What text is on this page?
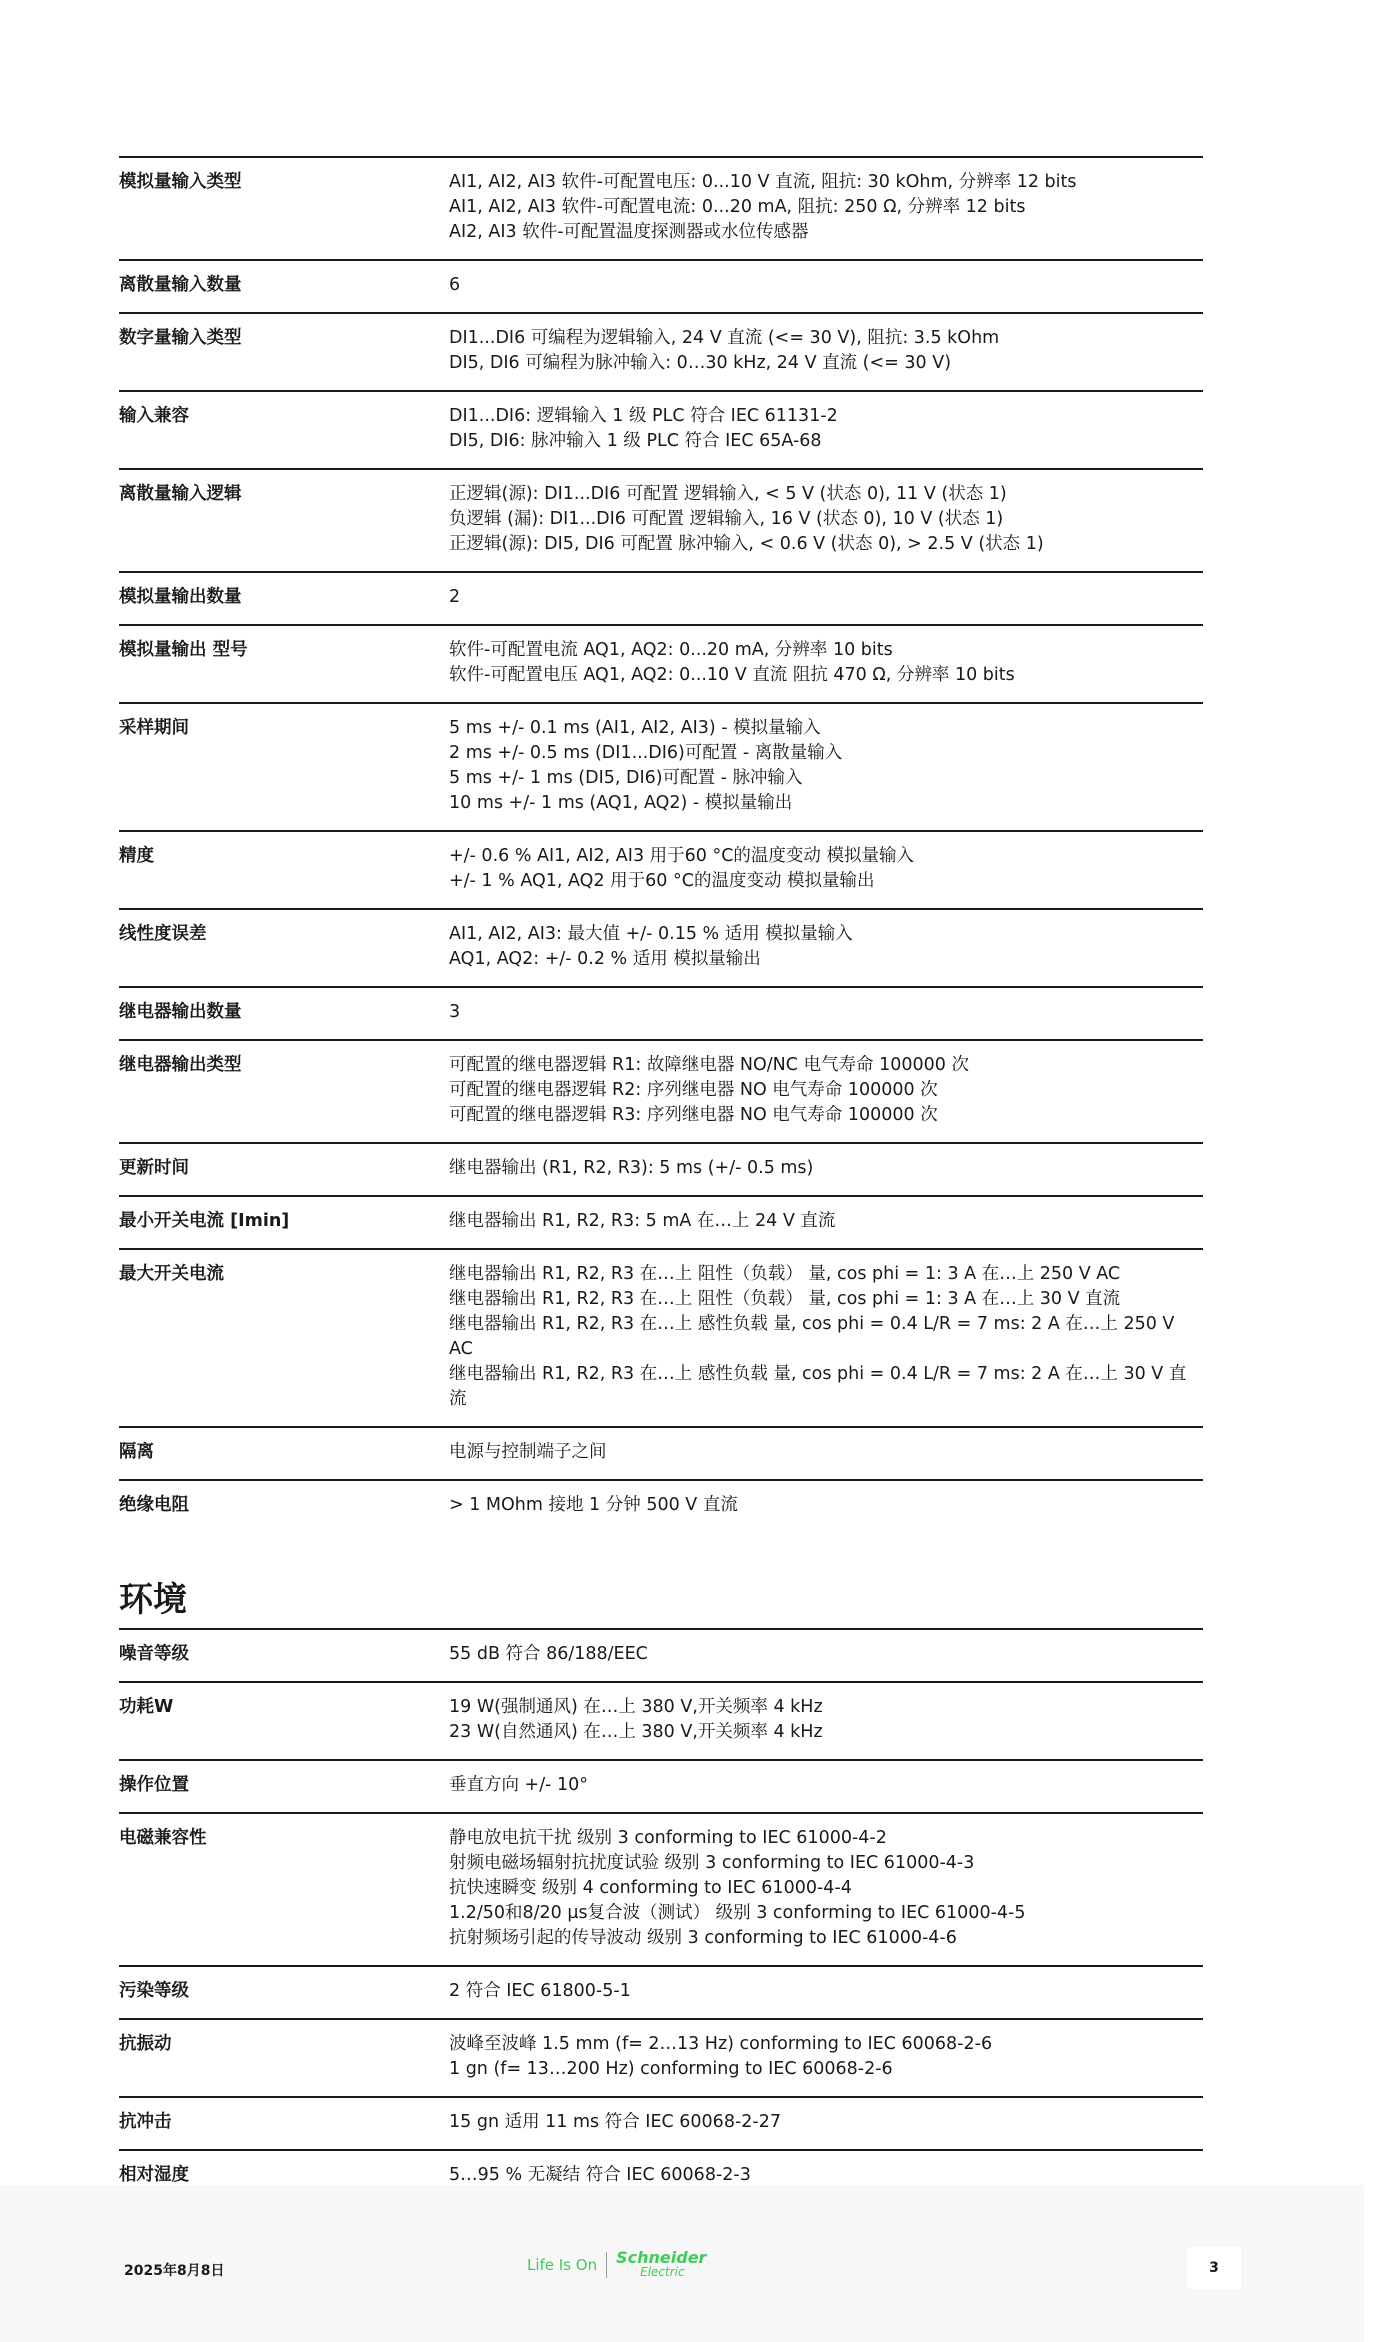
模拟量输入类型	AI1, AI2, AI3 软件-可配置电压: 0...10 V 直流, 阻抗: 30 kOhm, 分辨率 12 bits
AI1, AI2, AI3 软件-可配置电流: 0...20 mA, 阻抗: 250 Ω, 分辨率 12 bits
AI2, AI3 软件-可配置温度探测器或水位传感器
离散量输入数量	6
数字量输入类型	DI1...DI6 可编程为逻辑输入, 24 V 直流 (<= 30 V), 阻抗: 3.5 kOhm
DI5, DI6 可编程为脉冲输入: 0…30 kHz, 24 V 直流 (<= 30 V)
输入兼容	DI1...DI6: 逻辑输入 1 级 PLC 符合 IEC 61131-2
DI5, DI6: 脉冲输入 1 级 PLC 符合 IEC 65A-68
离散量输入逻辑	正逻辑(源): DI1...DI6 可配置 逻辑输入, < 5 V (状态 0), 11 V (状态 1)
负逻辑 (漏): DI1...DI6 可配置 逻辑输入, 16 V (状态 0), 10 V (状态 1)
正逻辑(源): DI5, DI6 可配置 脉冲输入, < 0.6 V (状态 0), > 2.5 V (状态 1)
模拟量输出数量	2
模拟量输出 型号	软件-可配置电流 AQ1, AQ2: 0...20 mA, 分辨率 10 bits
软件-可配置电压 AQ1, AQ2: 0...10 V 直流 阻抗 470 Ω, 分辨率 10 bits
采样期间	5 ms +/- 0.1 ms (AI1, AI2, AI3) - 模拟量输入
2 ms +/- 0.5 ms (DI1...DI6)可配置 - 离散量输入
5 ms +/- 1 ms (DI5, DI6)可配置 - 脉冲输入
10 ms +/- 1 ms (AQ1, AQ2) - 模拟量输出
精度	+/- 0.6 % AI1, AI2, AI3 用于60 °C的温度变动 模拟量输入
+/- 1 % AQ1, AQ2 用于60 °C的温度变动 模拟量输出
线性度误差	AI1, AI2, AI3: 最大值 +/- 0.15 % 适用 模拟量输入
AQ1, AQ2: +/- 0.2 % 适用 模拟量输出
继电器输出数量	3
继电器输出类型	可配置的继电器逻辑 R1: 故障继电器 NO/NC 电气寿命 100000 次
可配置的继电器逻辑 R2: 序列继电器 NO 电气寿命 100000 次
可配置的继电器逻辑 R3: 序列继电器 NO 电气寿命 100000 次
更新时间	继电器输出 (R1, R2, R3): 5 ms (+/- 0.5 ms)
最小开关电流 [Imin]	继电器输出 R1, R2, R3: 5 mA 在…上 24 V 直流
最大开关电流	继电器输出 R1, R2, R3 在…上 阻性（负载） 量, cos phi = 1: 3 A 在…上 250 V AC
继电器输出 R1, R2, R3 在…上 阻性（负载） 量, cos phi = 1: 3 A 在…上 30 V 直流
继电器输出 R1, R2, R3 在…上 感性负载 量, cos phi = 0.4 L/R = 7 ms: 2 A 在…上 250 V AC
继电器输出 R1, R2, R3 在…上 感性负载 量, cos phi = 0.4 L/R = 7 ms: 2 A 在…上 30 V 直流
隔离	电源与控制端子之间
绝缘电阻	> 1 MOhm 接地 1 分钟 500 V 直流
环境
噪音等级	55 dB 符合 86/188/EEC
功耗W	19 W(强制通风) 在…上 380 V,开关频率 4 kHz
23 W(自然通风) 在…上 380 V,开关频率 4 kHz
操作位置	垂直方向 +/- 10°
电磁兼容性	静电放电抗干扰 级别 3 conforming to IEC 61000-4-2
射频电磁场辐射抗扰度试验 级别 3 conforming to IEC 61000-4-3
抗快速瞬变 级别 4 conforming to IEC 61000-4-4
1.2/50和8/20 µs复合波（测试） 级别 3 conforming to IEC 61000-4-5
抗射频场引起的传导波动 级别 3 conforming to IEC 61000-4-6
污染等级	2 符合 IEC 61800-5-1
抗振动	波峰至波峰 1.5 mm (f= 2…13 Hz) conforming to IEC 60068-2-6
1 gn (f= 13…200 Hz) conforming to IEC 60068-2-6
抗冲击	15 gn 适用 11 ms 符合 IEC 60068-2-27
相对湿度	5…95 % 无凝结 符合 IEC 60068-2-3
2025年8月8日	Life Is On Schneider
Electric	3
